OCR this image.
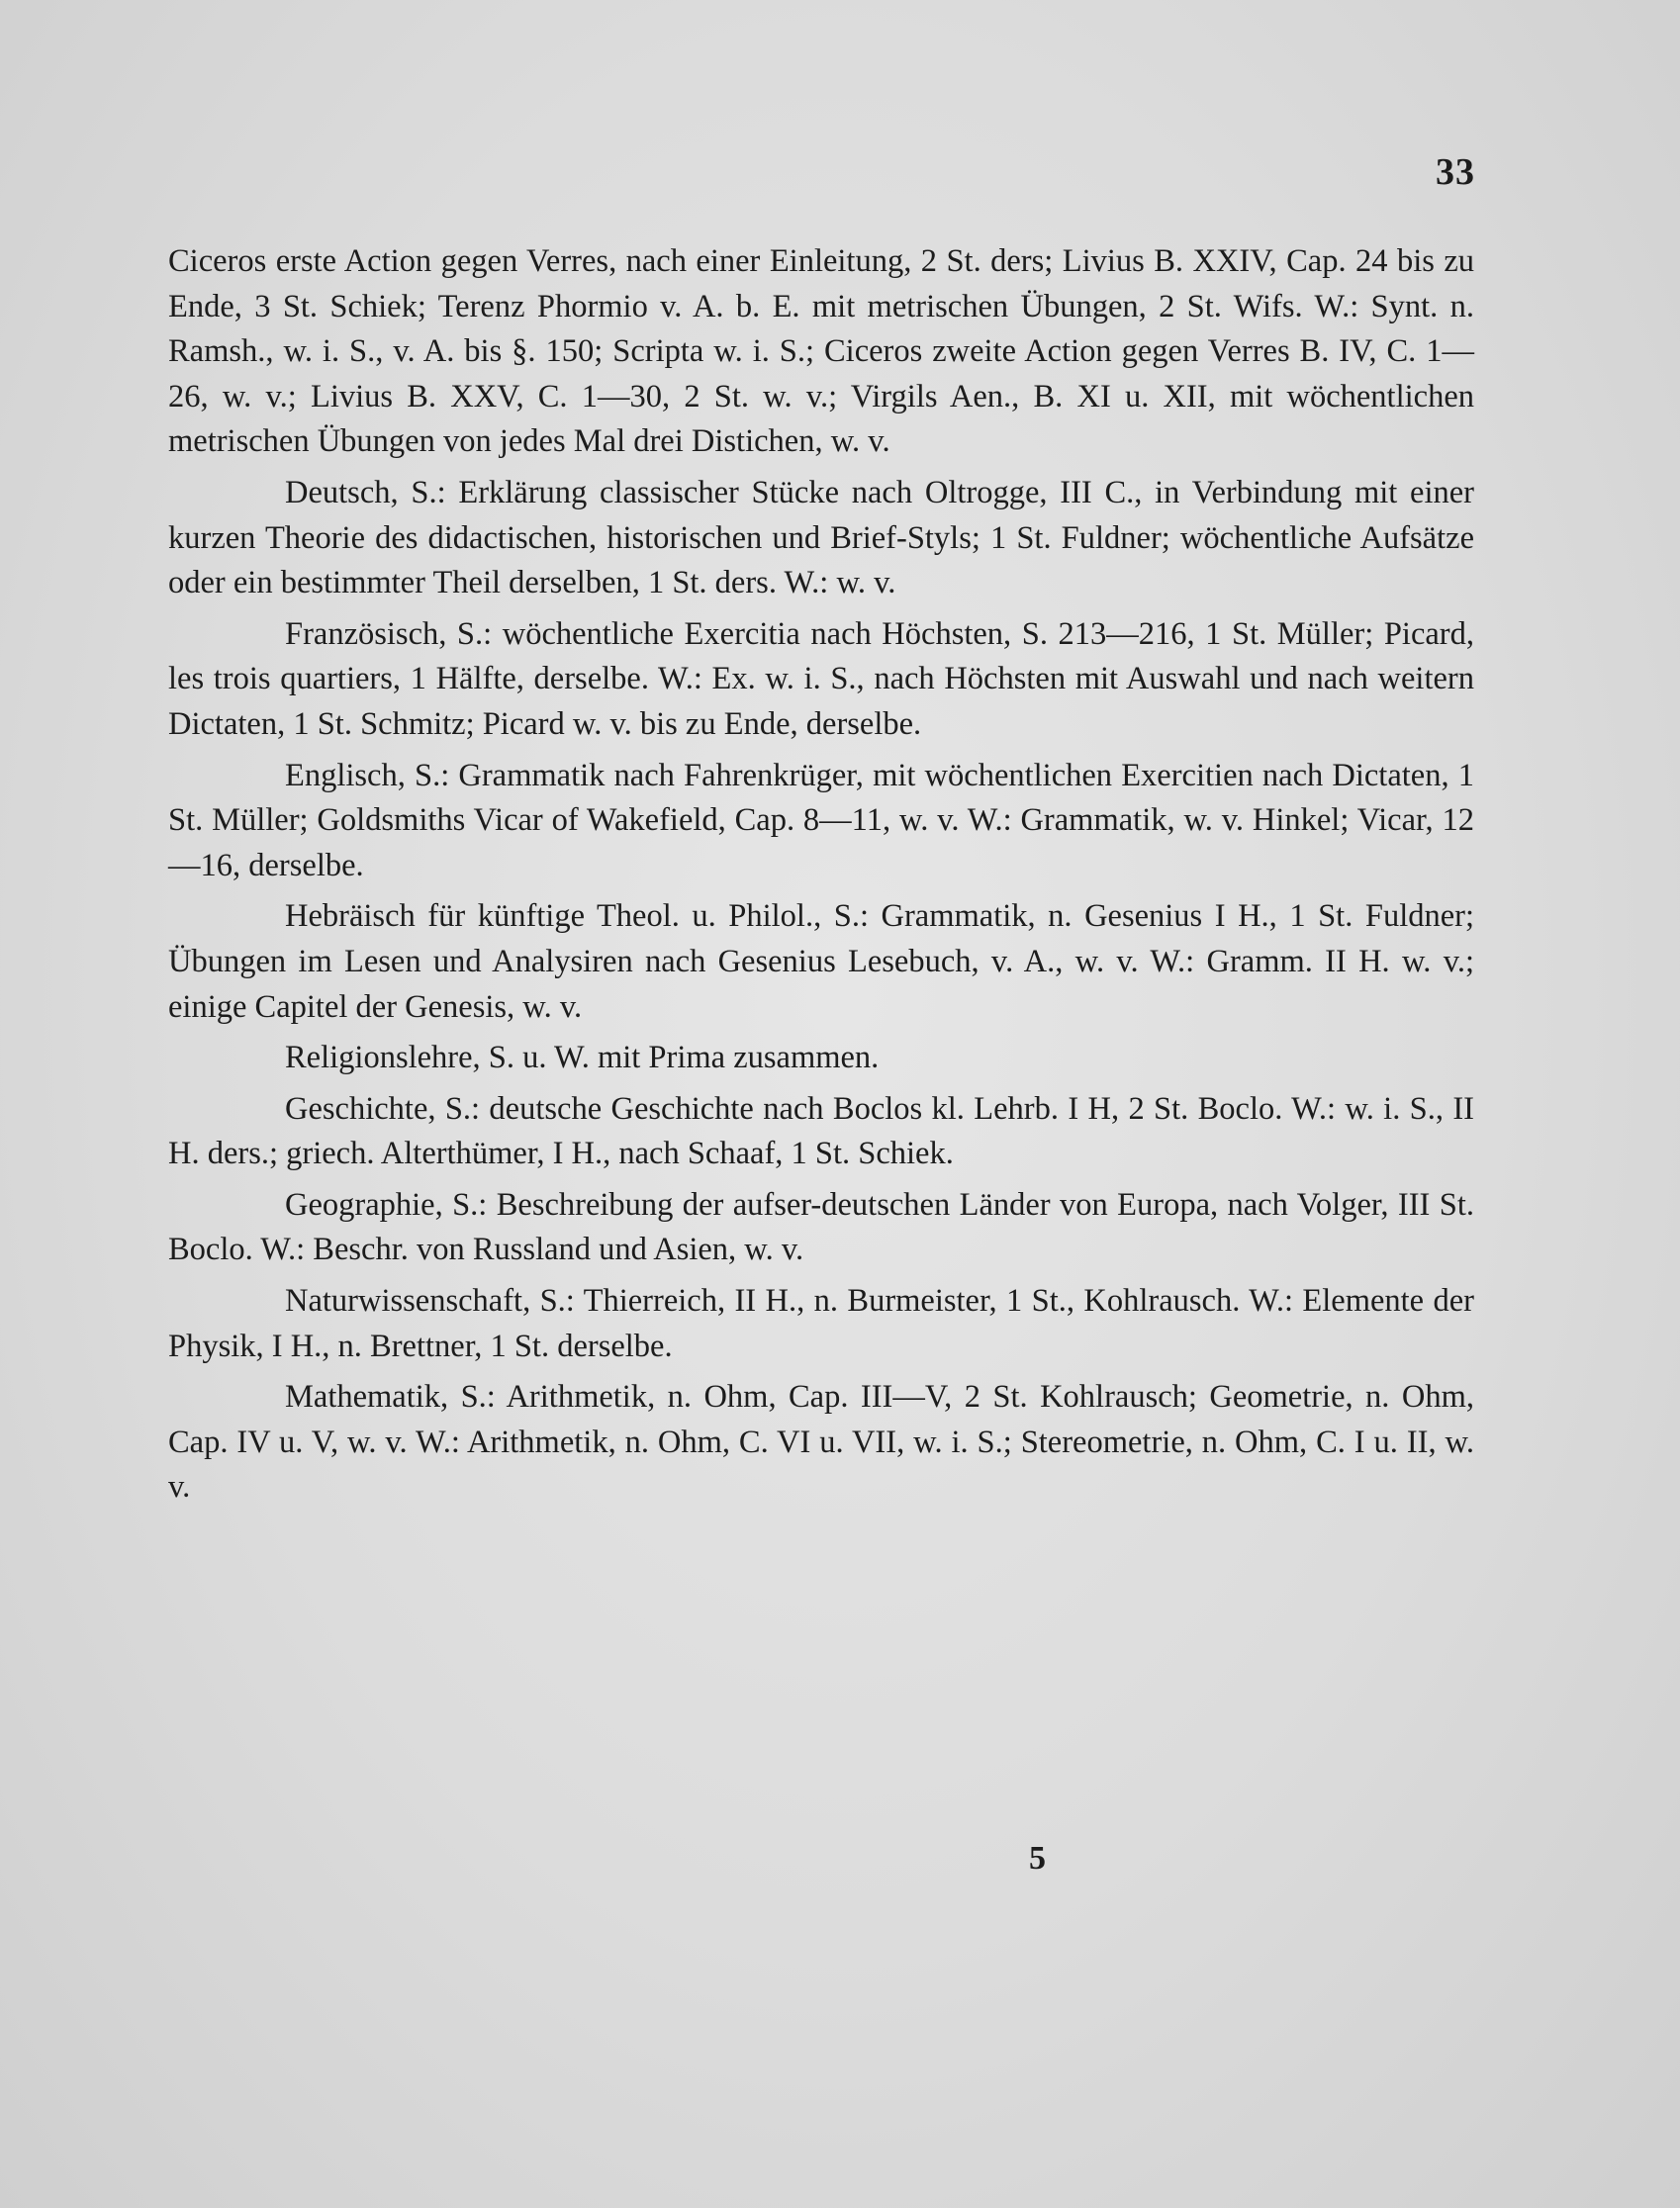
33

Ciceros erste Action gegen Verres, nach einer Einleitung, 2 St. ders; Livius B. XXIV, Cap. 24 bis zu Ende, 3 St. Schiek; Terenz Phormio v. A. b. E. mit metrischen Übungen, 2 St. Wifs. W.: Synt. n. Ramsh., w. i. S., v. A. bis §. 150; Scripta w. i. S.; Ciceros zweite Action gegen Verres B. IV, C. 1—26, w. v.; Livius B. XXV, C. 1—30, 2 St. w. v.; Virgils Aen., B. XI u. XII, mit wöchentlichen metrischen Übungen von jedes Mal drei Distichen, w. v.

Deutsch, S.: Erklärung classischer Stücke nach Oltrogge, III C., in Verbindung mit einer kurzen Theorie des didactischen, historischen und Brief-Styls; 1 St. Fuldner; wöchentliche Aufsätze oder ein bestimmter Theil derselben, 1 St. ders. W.: w. v.

Französisch, S.: wöchentliche Exercitia nach Höchsten, S. 213—216, 1 St. Müller; Picard, les trois quartiers, 1 Hälfte, derselbe. W.: Ex. w. i. S., nach Höchsten mit Auswahl und nach weitern Dictaten, 1 St. Schmitz; Picard w. v. bis zu Ende, derselbe.

Englisch, S.: Grammatik nach Fahrenkrüger, mit wöchentlichen Exercitien nach Dictaten, 1 St. Müller; Goldsmiths Vicar of Wakefield, Cap. 8—11, w. v. W.: Grammatik, w. v. Hinkel; Vicar, 12—16, derselbe.

Hebräisch für künftige Theol. u. Philol., S.: Grammatik, n. Gesenius I H., 1 St. Fuldner; Übungen im Lesen und Analysiren nach Gesenius Lesebuch, v. A., w. v. W.: Gramm. II H. w. v.; einige Capitel der Genesis, w. v.

Religionslehre, S. u. W. mit Prima zusammen.

Geschichte, S.: deutsche Geschichte nach Boclos kl. Lehrb. I H, 2 St. Boclo. W.: w. i. S., II H. ders.; griech. Alterthümer, I H., nach Schaaf, 1 St. Schiek.

Geographie, S.: Beschreibung der aufser-deutschen Länder von Europa, nach Volger, III St. Boclo. W.: Beschr. von Russland und Asien, w. v.

Naturwissenschaft, S.: Thierreich, II H., n. Burmeister, 1 St., Kohlrausch. W.: Elemente der Physik, I H., n. Brettner, 1 St. derselbe.

Mathematik, S.: Arithmetik, n. Ohm, Cap. III—V, 2 St. Kohlrausch; Geometrie, n. Ohm, Cap. IV u. V, w. v. W.: Arithmetik, n. Ohm, C. VI u. VII, w. i. S.; Stereometrie, n. Ohm, C. I u. II, w. v.

5
